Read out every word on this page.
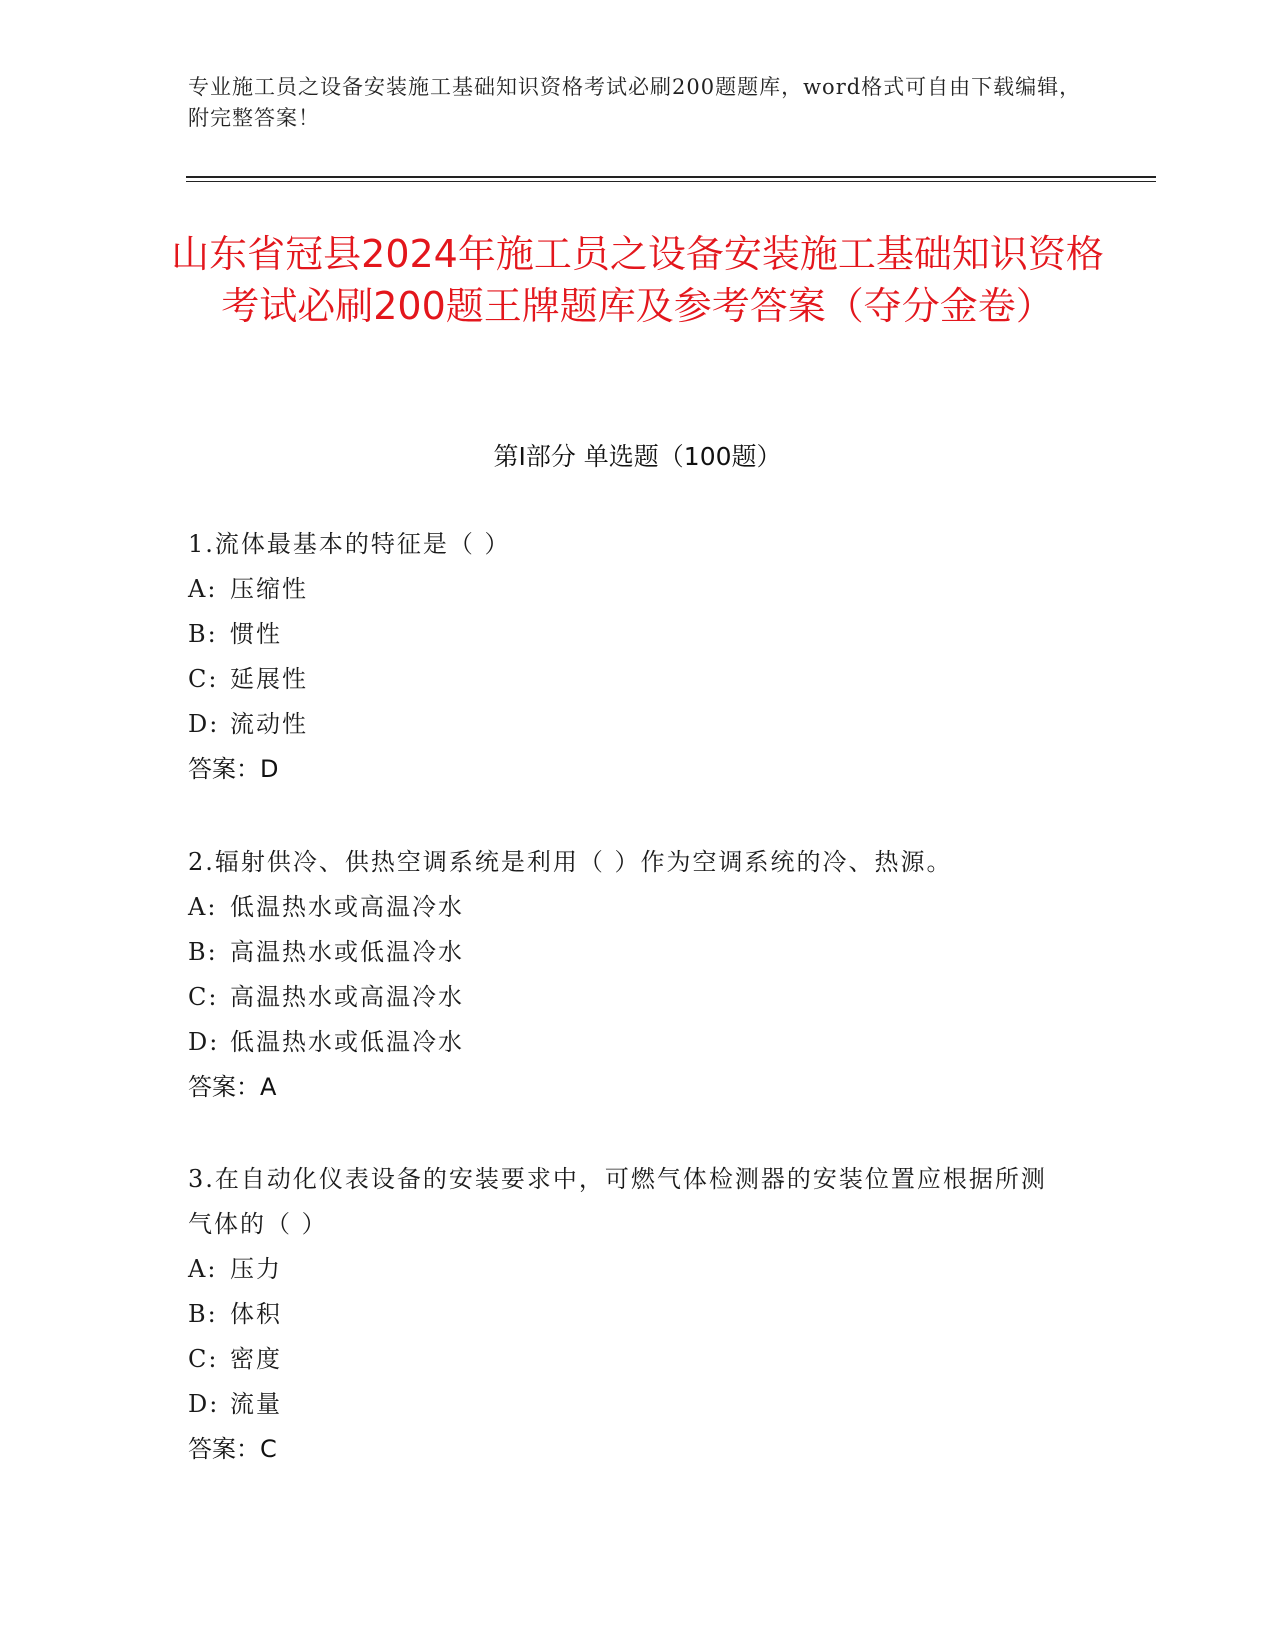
专业施工员之设备安装施工基础知识资格考试必刷200题题库，word格式可自由下载编辑，附完整答案！
山东省冠县2024年施工员之设备安装施工基础知识资格考试必刷200题王牌题库及参考答案（夺分金卷）
第Ⅰ部分 单选题（100题）
1.流体最基本的特征是（ ）
A: 压缩性
B: 惯性
C: 延展性
D: 流动性
答案：D
2.辐射供冷、供热空调系统是利用（ ）作为空调系统的冷、热源。
A: 低温热水或高温冷水
B: 高温热水或低温冷水
C: 高温热水或高温冷水
D: 低温热水或低温冷水
答案：A
3.在自动化仪表设备的安装要求中，可燃气体检测器的安装位置应根据所测气体的（ ）
A: 压力
B: 体积
C: 密度
D: 流量
答案：C
